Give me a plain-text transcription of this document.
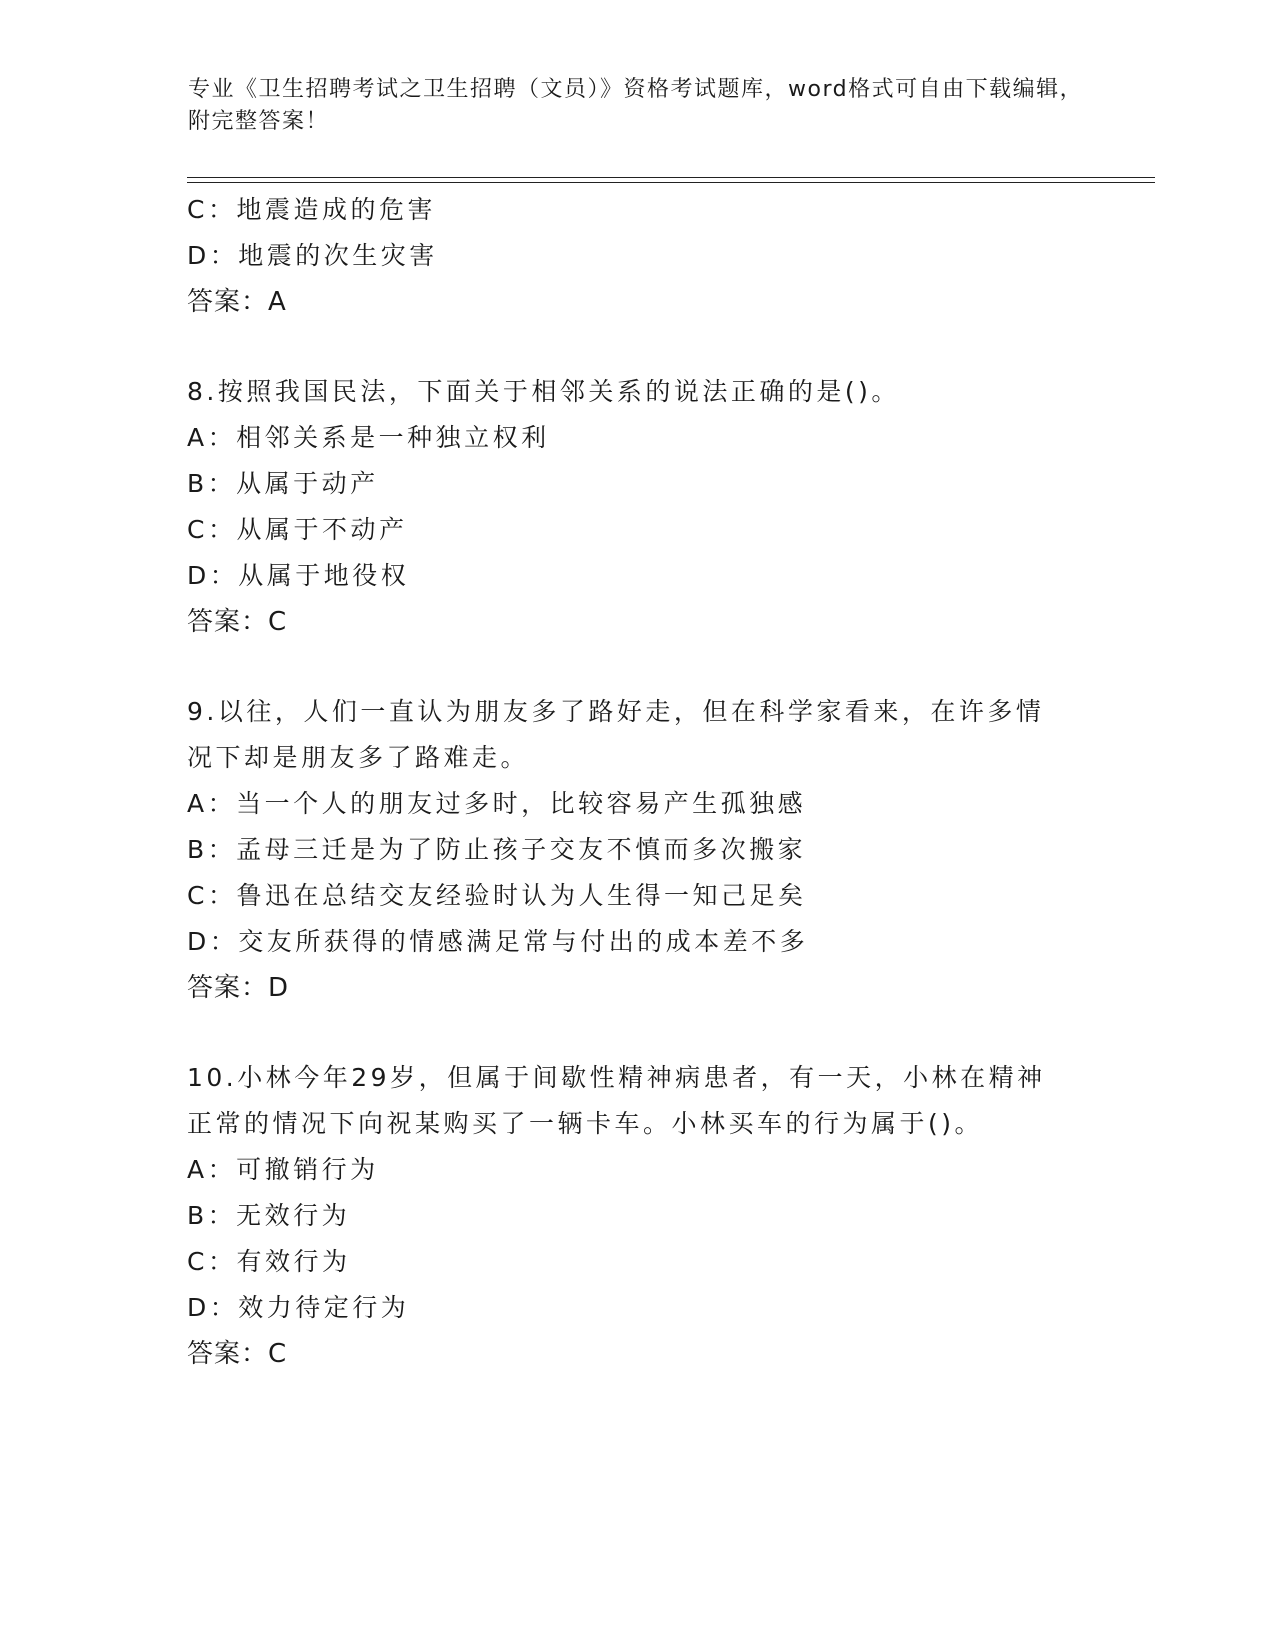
专业《卫生招聘考试之卫生招聘（文员）》资格考试题库，word格式可自由下载编辑，附完整答案！
C：地震造成的危害
D：地震的次生灾害
答案：A
8.按照我国民法，下面关于相邻关系的说法正确的是()。
A：相邻关系是一种独立权利
B：从属于动产
C：从属于不动产
D：从属于地役权
答案：C
9.以往，人们一直认为朋友多了路好走，但在科学家看来，在许多情
况下却是朋友多了路难走。
A：当一个人的朋友过多时，比较容易产生孤独感
B：孟母三迁是为了防止孩子交友不慎而多次搬家
C：鲁迅在总结交友经验时认为人生得一知己足矣
D：交友所获得的情感满足常与付出的成本差不多
答案：D
10.小林今年29岁，但属于间歇性精神病患者，有一天，小林在精神
正常的情况下向祝某购买了一辆卡车。小林买车的行为属于()。
A：可撤销行为
B：无效行为
C：有效行为
D：效力待定行为
答案：C
